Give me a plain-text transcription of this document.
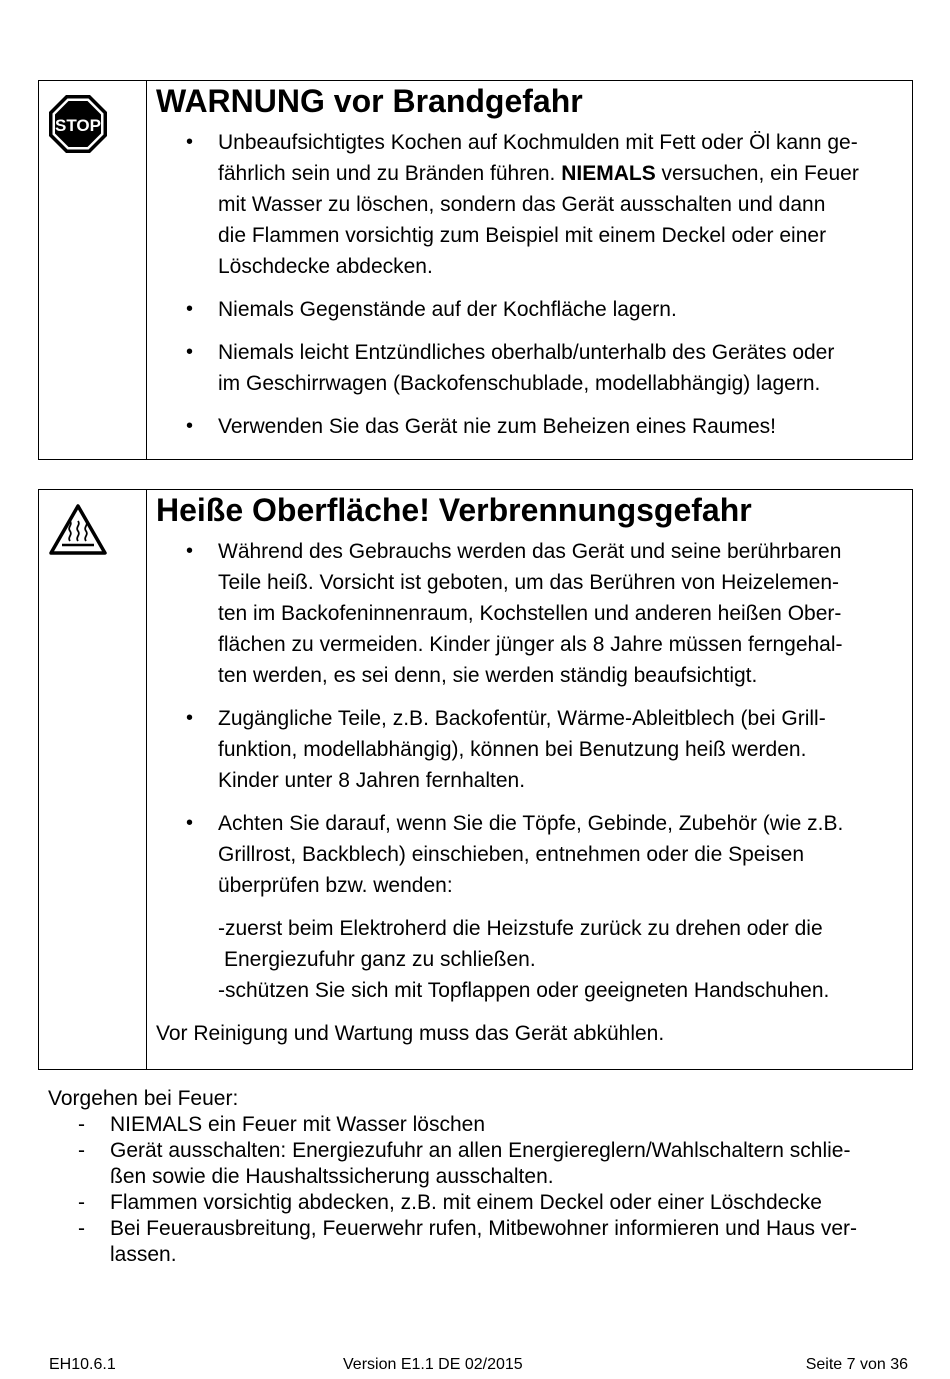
STOP
WARNUNG vor Brandgefahr
• Unbeaufsichtigtes Kochen auf Kochmulden mit Fett oder Öl kann ge-
fährlich sein und zu Bränden führen. NIEMALS versuchen, ein Feuer
mit Wasser zu löschen, sondern das Gerät ausschalten und dann
die Flammen vorsichtig zum Beispiel mit einem Deckel oder einer
Löschdecke abdecken.
• Niemals Gegenstände auf der Kochfläche lagern.
• Niemals leicht Entzündliches oberhalb/unterhalb des Gerätes oder
im Geschirrwagen (Backofenschublade, modellabhängig) lagern.
• Verwenden Sie das Gerät nie zum Beheizen eines Raumes!
Heiße Oberfläche! Verbrennungsgefahr
• Während des Gebrauchs werden das Gerät und seine berührbaren
Teile heiß. Vorsicht ist geboten, um das Berühren von Heizelemen-
ten im Backofeninnenraum, Kochstellen und anderen heißen Ober-
flächen zu vermeiden. Kinder jünger als 8 Jahre müssen ferngehal-
ten werden, es sei denn, sie werden ständig beaufsichtigt.
• Zugängliche Teile, z.B. Backofentür, Wärme-Ableitblech (bei Grill-
funktion, modellabhängig), können bei Benutzung heiß werden.
Kinder unter 8 Jahren fernhalten.
• Achten Sie darauf, wenn Sie die Töpfe, Gebinde, Zubehör (wie z.B.
Grillrost, Backblech) einschieben, entnehmen oder die Speisen
überprüfen bzw. wenden:
-zuerst beim Elektroherd die Heizstufe zurück zu drehen oder die
Energiezufuhr ganz zu schließen.
-schützen Sie sich mit Topflappen oder geeigneten Handschuhen.
Vor Reinigung und Wartung muss das Gerät abkühlen.
Vorgehen bei Feuer:
- NIEMALS ein Feuer mit Wasser löschen
- Gerät ausschalten: Energiezufuhr an allen Energiereglern/Wahlschaltern schlie-
ßen sowie die Haushaltssicherung ausschalten.
- Flammen vorsichtig abdecken, z.B. mit einem Deckel oder einer Löschdecke
- Bei Feuerausbreitung, Feuerwehr rufen, Mitbewohner informieren und Haus ver-
lassen.
EH10.6.1	Version E1.1 DE 02/2015	Seite 7 von 36
